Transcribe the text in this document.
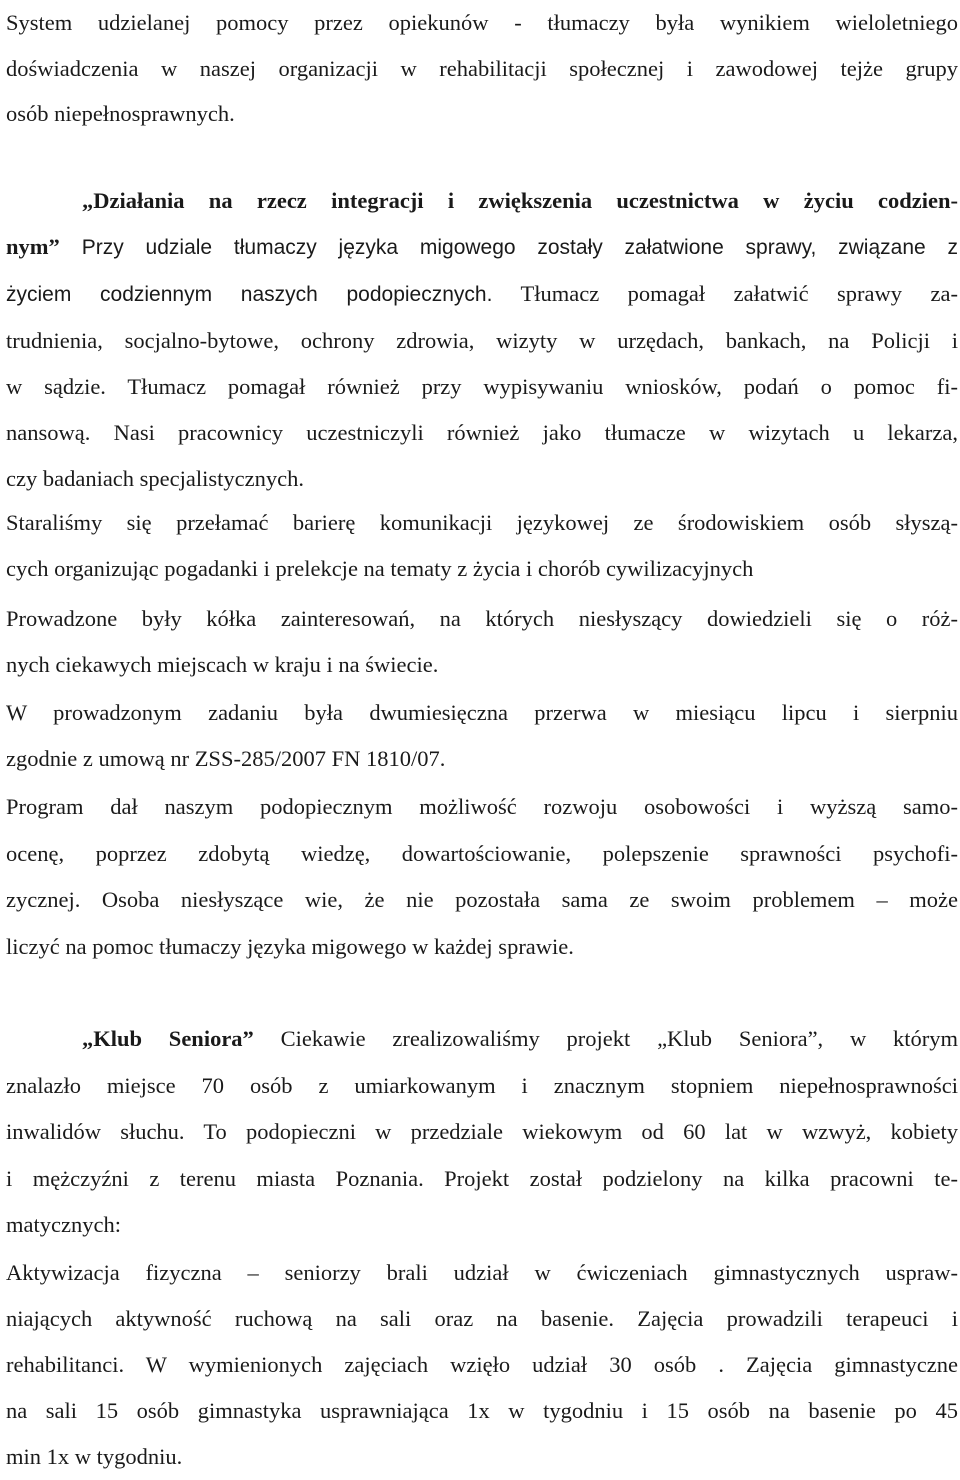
System udzielanej pomocy przez opiekunów - tłumaczy była wynikiem wieloletniego
doświadczenia w naszej organizacji w rehabilitacji społecznej i zawodowej tejże grupy
osób niepełnosprawnych.
„Działania na rzecz integracji i zwiększenia uczestnictwa w życiu codzien-
nym” Przy udziale tłumaczy języka migowego zostały załatwione sprawy, związane z
życiem codziennym naszych podopiecznych. Tłumacz pomagał załatwić sprawy za-
trudnienia, socjalno-bytowe, ochrony zdrowia, wizyty w urzędach, bankach, na Policji i
w sądzie. Tłumacz pomagał również przy wypisywaniu wniosków, podań o pomoc fi-
nansową. Nasi pracownicy uczestniczyli również jako tłumacze w wizytach u lekarza,
czy badaniach specjalistycznych.
Staraliśmy się przełamać barierę komunikacji językowej ze środowiskiem osób słyszą-
cych organizując pogadanki i prelekcje na tematy z życia i chorób cywilizacyjnych
Prowadzone były kółka zainteresowań, na których niesłyszący dowiedzieli się o róż-
nych ciekawych miejscach w kraju i na świecie.
W prowadzonym zadaniu była dwumiesięczna przerwa w miesiącu lipcu i sierpniu
zgodnie z umową nr ZSS-285/2007 FN 1810/07.
Program dał naszym podopiecznym możliwość rozwoju osobowości i wyższą samo-
ocenę, poprzez zdobytą wiedzę, dowartościowanie, polepszenie sprawności psychofi-
zycznej. Osoba niesłyszące wie, że nie pozostała sama ze swoim problemem – może
liczyć na pomoc tłumaczy języka migowego w każdej sprawie.
„Klub Seniora” Ciekawie zrealizowaliśmy projekt „Klub Seniora”, w którym
znalazło miejsce 70 osób z umiarkowanym i znacznym stopniem niepełnosprawności
inwalidów słuchu. To podopieczni w przedziale wiekowym od 60 lat w wzwyż, kobiety
i mężczyźni z terenu miasta Poznania. Projekt został podzielony na kilka pracowni te-
matycznych:
Aktywizacja fizyczna – seniorzy brali udział w ćwiczeniach gimnastycznych uspraw-
niających aktywność ruchową na sali oraz na basenie. Zajęcia prowadzili terapeuci i
rehabilitanci. W wymienionych zajęciach wzięło udział 30 osób . Zajęcia gimnastyczne
na sali 15 osób gimnastyka usprawniająca 1x w tygodniu i 15 osób na basenie po 45
min 1x w tygodniu.
